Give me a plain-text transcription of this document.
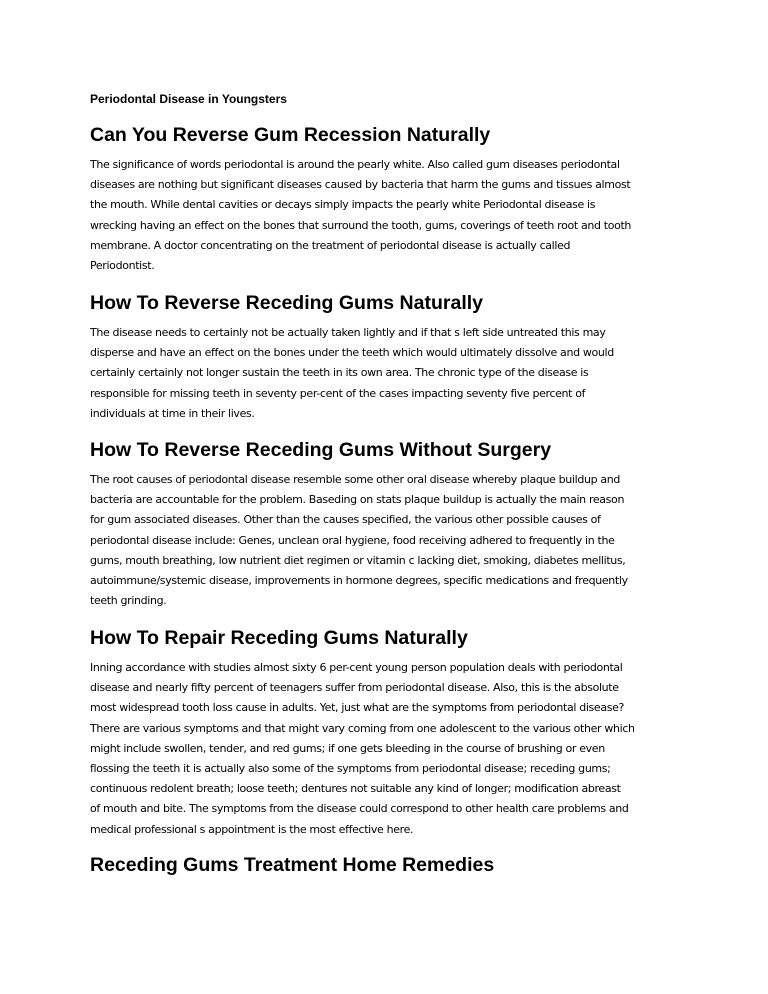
Periodontal Disease in Youngsters
Can You Reverse Gum Recession Naturally

The significance of words periodontal is around the pearly white. Also called gum diseases periodontal
diseases are nothing but significant diseases caused by bacteria that harm the gums and tissues almost
the mouth. While dental cavities or decays simply impacts the pearly white Periodontal disease is
wrecking having an effect on the bones that surround the tooth, gums, coverings of teeth root and tooth
membrane. A doctor concentrating on the treatment of periodontal disease is actually called
Periodontist.

How To Reverse Receding Gums Naturally

The disease needs to certainly not be actually taken lightly and if that s left side untreated this may
disperse and have an effect on the bones under the teeth which would ultimately dissolve and would
certainly certainly not longer sustain the teeth in its own area. The chronic type of the disease is
responsible for missing teeth in seventy per-cent of the cases impacting seventy five percent of
individuals at time in their lives.

How To Reverse Receding Gums Without Surgery

The root causes of periodontal disease resemble some other oral disease whereby plaque buildup and
bacteria are accountable for the problem. Baseding on stats plaque buildup is actually the main reason
for gum associated diseases. Other than the causes specified, the various other possible causes of
periodontal disease include: Genes, unclean oral hygiene, food receiving adhered to frequently in the
gums, mouth breathing, low nutrient diet regimen or vitamin c lacking diet, smoking, diabetes mellitus,
autoimmune/systemic disease, improvements in hormone degrees, specific medications and frequently
teeth grinding.

How To Repair Receding Gums Naturally

Inning accordance with studies almost sixty 6 per-cent young person population deals with periodontal
disease and nearly fifty percent of teenagers suffer from periodontal disease. Also, this is the absolute
most widespread tooth loss cause in adults. Yet, just what are the symptoms from periodontal disease?
There are various symptoms and that might vary coming from one adolescent to the various other which
might include swollen, tender, and red gums; if one gets bleeding in the course of brushing or even
flossing the teeth it is actually also some of the symptoms from periodontal disease; receding gums;
continuous redolent breath; loose teeth; dentures not suitable any kind of longer; modification abreast
of mouth and bite. The symptoms from the disease could correspond to other health care problems and
medical professional s appointment is the most effective here.

Receding Gums Treatment Home Remedies
